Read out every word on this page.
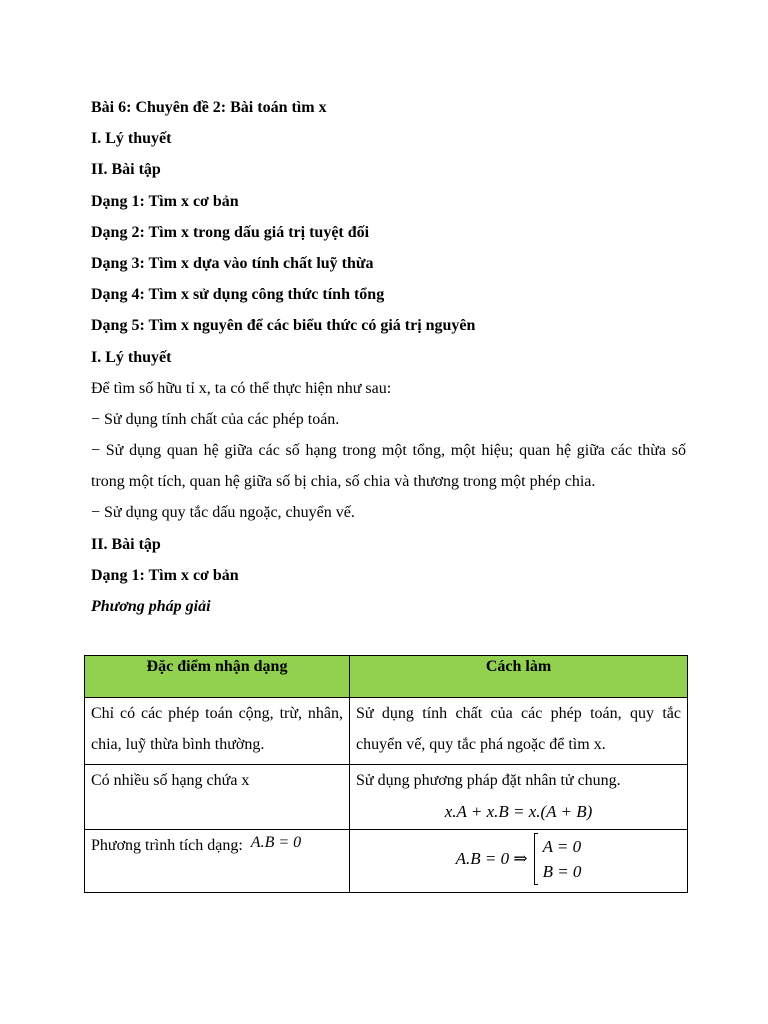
Bài 6: Chuyên đề 2: Bài toán tìm x
I. Lý thuyết
II. Bài tập
Dạng 1: Tìm x cơ bản
Dạng 2: Tìm x trong dấu giá trị tuyệt đối
Dạng 3: Tìm x dựa vào tính chất luỹ thừa
Dạng 4: Tìm x sử dụng công thức tính tổng
Dạng 5: Tìm x nguyên để các biểu thức có giá trị nguyên
I. Lý thuyết
Để tìm số hữu tỉ x, ta có thể thực hiện như sau:
− Sử dụng tính chất của các phép toán.
− Sử dụng quan hệ giữa các số hạng trong một tổng, một hiệu; quan hệ giữa các thừa số trong một tích, quan hệ giữa số bị chia, số chia và thương trong một phép chia.
− Sử dụng quy tắc dấu ngoặc, chuyển vế.
II. Bài tập
Dạng 1: Tìm x cơ bản
Phương pháp giải
Đặc điểm nhận dạng	Cách làm
Chỉ có các phép toán cộng, trừ, nhân, chia, luỹ thừa bình thường.	Sử dụng tính chất của các phép toán, quy tắc chuyển vế, quy tắc phá ngoặc để tìm x.
Có nhiều số hạng chứa x	Sử dụng phương pháp đặt nhân tử chung.
x.A + x.B = x.(A + B)

Phương trình tích dạng: A.B = 0	A.B = 0 ⇒
A = 0
B = 0
